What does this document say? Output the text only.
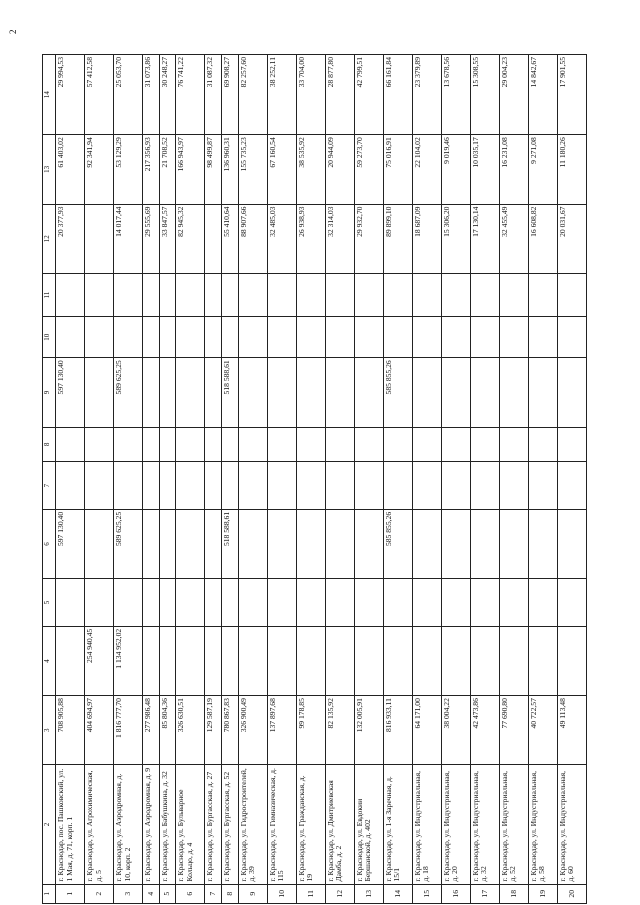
2
1	2	3	4	5	6	7	8	9	10	11	12	13	14
1	г. Краснодар, пос. Пашковский, ул. 1 Мая, д. 71, корп. 1	708 905,88			597 130,40			597 130,40			20 377,93	61 403,02	29 994,53
2	г. Краснодар, ул. Агрохимическая, д. 5	404 694,97	254 940,45									92 341,94	57 412,58
3	г. Краснодар, ул. Аэродромная, д. 10, корп. 2	1 816 777,70	1 134 952,02		589 625,25			589 625,25			14 017,44	53 129,29	25 053,70
4	г. Краснодар, ул. Аэродромная, д. 9	277 986,48									29 555,69	217 356,93	31 073,86
5	г. Краснодар, ул. Бабушкина, д. 32	85 804,36									33 847,57	21 708,52	30 248,27
6	г. Краснодар, ул. Бульварное Кольцо, д. 4	326 630,51									82 945,32	166 943,97	76 741,22
7	г. Краснодар, ул. Бургасская, д. 27	129 587,19										98 499,87	31 087,32
8	г. Краснодар, ул. Бургасская, д. 52	780 867,83			518 588,61			518 588,61			55 410,64	136 960,31	69 908,27
9	г. Краснодар, ул. Гидростроителей, д. 39	326 900,49									88 907,66	155 735,23	82 257,60
10	г. Краснодар, ул. Гимназическая, д. 115	137 897,68									32 485,03	67 160,54	38 252,11
11	г. Краснодар, ул. Гражданская, д. 19	99 178,85									26 938,93	38 535,92	33 704,00
12	г. Краснодар, ул. Дмитриевская Дамба, д. 2	82 135,92									32 314,03	20 944,09	28 877,80
13	г. Краснодар, ул. Евдокии Бершанской, д. 402	132 005,91									29 932,70	59 273,70	42 799,51
14	г. Краснодар, ул. 1-я Заречная, д. 15/1	816 933,11			585 855,26			585 855,26			89 899,10	75 016,91	66 161,84
15	г. Краснодар, ул. Индустриальная, д. 18	64 171,00									18 687,09	22 104,02	23 379,89
16	г. Краснодар, ул. Индустриальная, д. 20	38 004,22									15 306,20	9 019,46	13 678,56
17	г. Краснодар, ул. Индустриальная, д. 32	42 473,86									17 130,14	10 035,17	15 308,55
18	г. Краснодар, ул. Индустриальная, д. 52	77 690,80									32 455,49	16 231,08	29 004,23
19	г. Краснодар, ул. Индустриальная, д. 58	40 722,57									16 608,82	9 271,08	14 842,67
20	г. Краснодар, ул. Индустриальная, д. 60	49 113,48									20 031,67	11 180,26	17 901,55
